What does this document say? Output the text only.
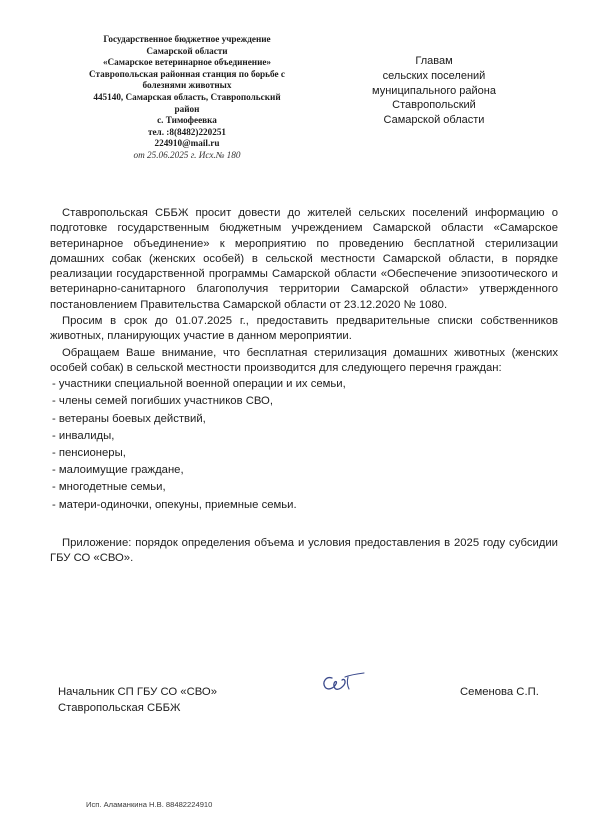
Государственное бюджетное учреждение
Самарской области
«Самарское ветеринарное объединение»
Ставропольская районная станция по борьбе с
болезнями животных
445140, Самарская область, Ставропольский
район
с. Тимофеевка
тел. :8(8482)220251
224910@mail.ru
от 25.06.2025 г. Исх.№ 180
Главам
сельских поселений
муниципального района
Ставропольский
Самарской области

Ставропольская СББЖ просит довести до жителей сельских поселений информацию о подготовке государственным бюджетным учреждением Самарской области «Самарское ветеринарное объединение» к мероприятию по проведению бесплатной стерилизации домашних собак (женских особей) в сельской местности Самарской области, в порядке реализации государственной программы Самарской области «Обеспечение эпизоотического и ветеринарно-санитарного благополучия территории Самарской области» утвержденного постановлением Правительства Самарской области от 23.12.2020 № 1080.

Просим в срок до 01.07.2025 г., предоставить предварительные списки собственников животных, планирующих участие в данном мероприятии.

Обращаем Ваше внимание, что бесплатная стерилизация домашних животных (женских особей собак) в сельской местности производится для следующего перечня граждан:

- участники специальной военной операции и их семьи,
- члены семей погибших участников СВО,
- ветераны боевых действий,
- инвалиды,
- пенсионеры,
- малоимущие граждане,
- многодетные семьи,
- матери-одиночки, опекуны, приемные семьи.

Приложение: порядок определения объема и условия предоставления в 2025 году субсидии ГБУ СО «СВО».

Начальник СП ГБУ СО «СВО»
Ставропольская СББЖ
Семенова С.П.
Исп. Аламанкина Н.В. 88482224910
